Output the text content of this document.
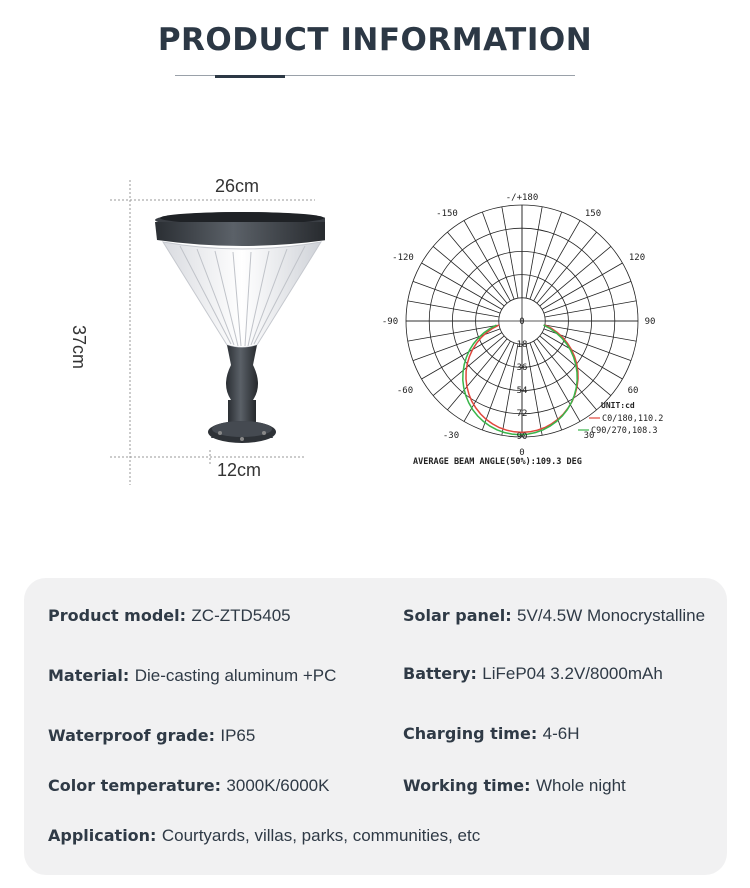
PRODUCT INFORMATION
26cm
37cm
12cm
-/+180
-150	150
-120	120
-90	90
-60	60
-30	30
0
0
18
36
54
72
90
UNIT:cd
C0/180,110.2
C90/270,108.3
AVERAGE BEAM ANGLE(50%):109.3 DEG
Product model: ZC-ZTD5405	Solar panel: 5V/4.5W Monocrystalline
Material: Die-casting aluminum +PC	Battery: LiFeP04 3.2V/8000mAh
Waterproof grade: IP65	Charging time: 4-6H
Color temperature: 3000K/6000K	Working time: Whole night
Application: Courtyards, villas, parks, communities, etc
